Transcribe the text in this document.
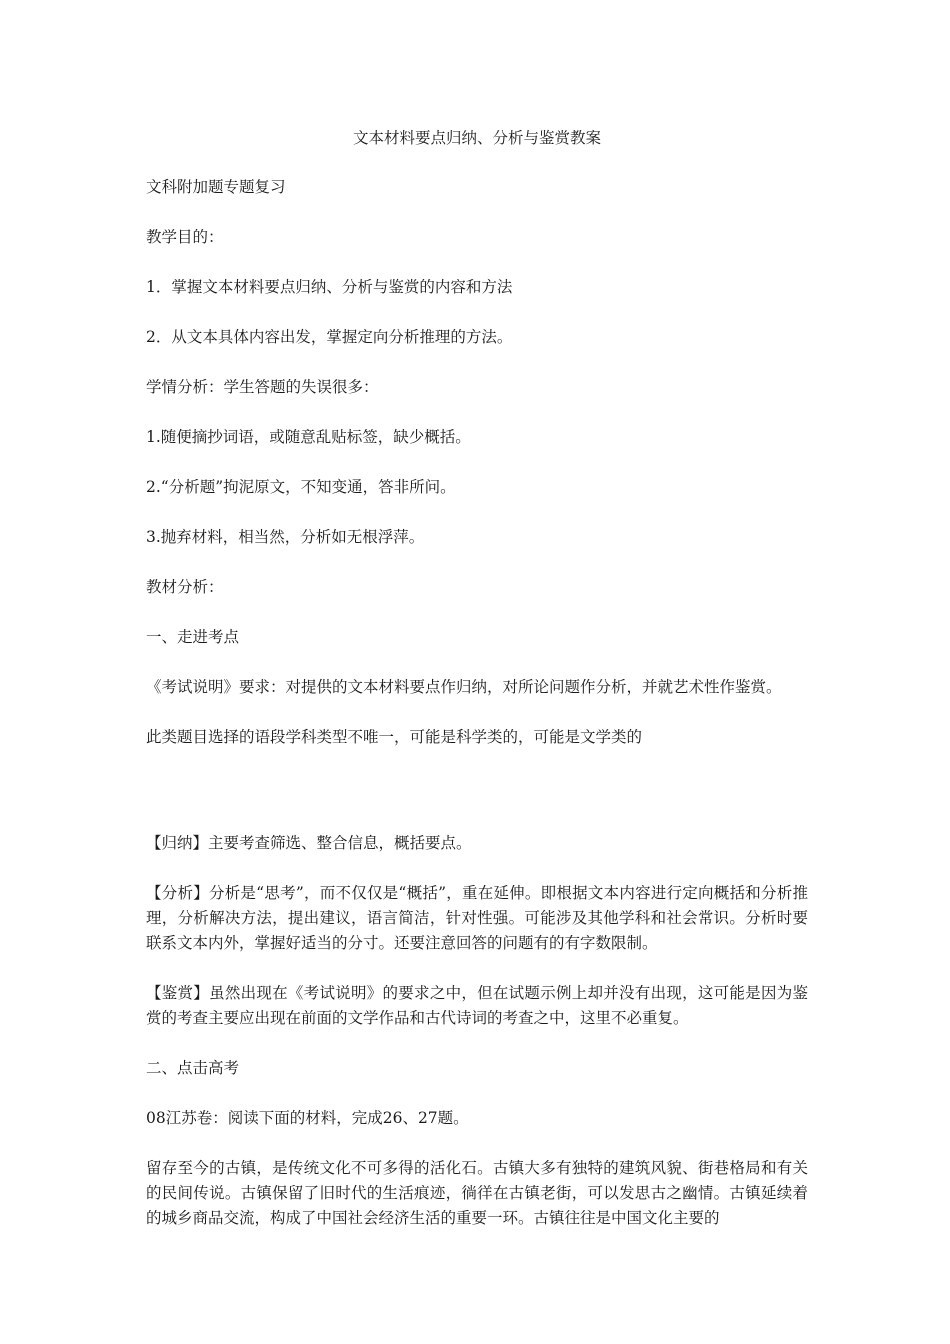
文本材料要点归纳、分析与鉴赏教案

文科附加题专题复习

教学目的：

1．掌握文本材料要点归纳、分析与鉴赏的内容和方法

2．从文本具体内容出发，掌握定向分析推理的方法。

学情分析：学生答题的失误很多：

1.随便摘抄词语，或随意乱贴标签，缺少概括。

2.“分析题”拘泥原文，不知变通，答非所问。

3.抛弃材料，相当然，分析如无根浮萍。

教材分析：

一、走进考点

《考试说明》要求：对提供的文本材料要点作归纳，对所论问题作分析，并就艺术性作鉴赏。

此类题目选择的语段学科类型不唯一，可能是科学类的，可能是文学类的

【归纳】主要考查筛选、整合信息，概括要点。

【分析】分析是“思考”，而不仅仅是“概括”，重在延伸。即根据文本内容进行定向概括和分析推理，分析解决方法，提出建议，语言简洁，针对性强。可能涉及其他学科和社会常识。分析时要联系文本内外，掌握好适当的分寸。还要注意回答的问题有的有字数限制。

【鉴赏】虽然出现在《考试说明》的要求之中，但在试题示例上却并没有出现，这可能是因为鉴赏的考查主要应出现在前面的文学作品和古代诗词的考查之中，这里不必重复。

二、点击高考

08江苏卷：阅读下面的材料，完成26、27题。

留存至今的古镇，是传统文化不可多得的活化石。古镇大多有独特的建筑风貌、街巷格局和有关的民间传说。古镇保留了旧时代的生活痕迹，徜徉在古镇老街，可以发思古之幽情。古镇延续着的城乡商品交流，构成了中国社会经济生活的重要一环。古镇往往是中国文化主要的
